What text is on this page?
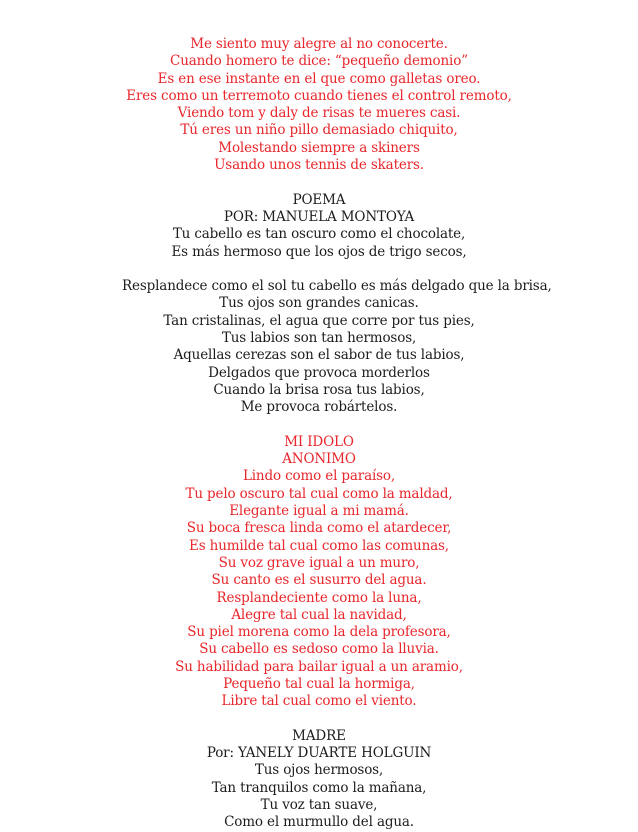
Me siento muy alegre al no conocerte.
Cuando homero te dice: “pequeño demonio”
Es en ese instante en el que como galletas oreo.
Eres como un terremoto cuando tienes el control remoto,
Viendo tom y daly de risas te mueres casi.
Tú eres un niño pillo demasiado chiquito,
Molestando siempre a skiners
Usando unos tennis de skaters.
POEMA
POR: MANUELA MONTOYA
Tu cabello es tan oscuro como el chocolate,
Es más hermoso que los ojos de trigo secos,
Resplandece como el sol tu cabello es más delgado que la brisa,
Tus ojos son grandes canicas.
Tan cristalinas, el agua que corre por tus pies,
Tus labios son tan hermosos,
Aquellas cerezas son el sabor de tus labios,
Delgados que provoca morderlos
Cuando la brisa rosa tus labios,
Me provoca robártelos.
MI IDOLO
ANONIMO
Lindo como el paraíso,
Tu pelo oscuro tal cual como la maldad,
Elegante igual a mi mamá.
Su boca fresca linda como el atardecer,
Es humilde tal cual como las comunas,
Su voz grave igual a un muro,
Su canto es el susurro del agua.
Resplandeciente como la luna,
Alegre tal cual la navidad,
Su piel morena como la dela profesora,
Su cabello es sedoso como la lluvia.
Su habilidad para bailar igual a un aramio,
Pequeño tal cual la hormiga,
Libre tal cual como el viento.
MADRE
Por: YANELY DUARTE HOLGUIN
Tus ojos hermosos,
Tan tranquilos como la mañana,
Tu voz tan suave,
Como el murmullo del agua.
